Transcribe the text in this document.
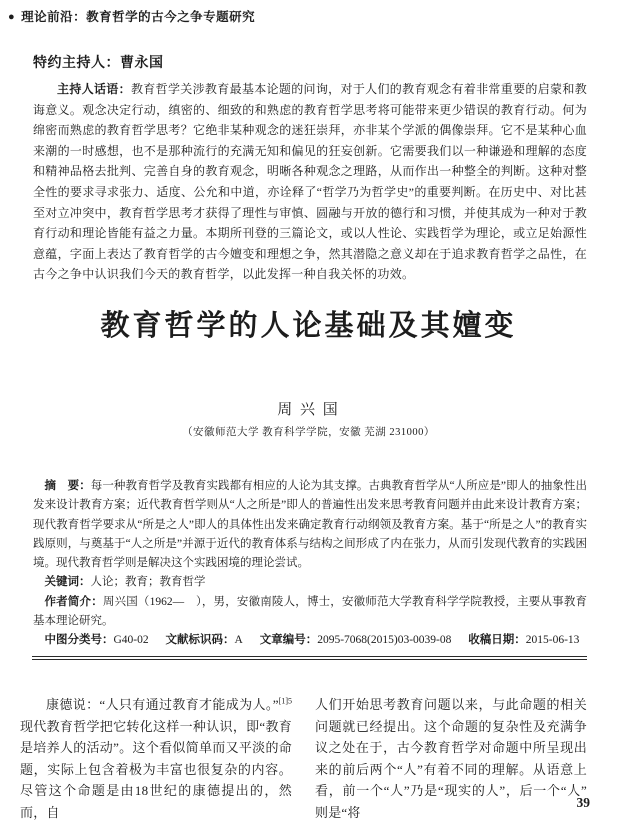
● 理论前沿：教育哲学的古今之争专题研究
特约主持人：曹永国

主持人话语：教育哲学关涉教育最基本论题的问询，对于人们的教育观念有着非常重要的启蒙和教诲意义。观念决定行动，缜密的、细致的和熟虑的教育哲学思考将可能带来更少错误的教育行动。何为绵密而熟虑的教育哲学思考？它绝非某种观念的迷狂崇拜，亦非某个学派的偶像崇拜。它不是某种心血来潮的一时感想，也不是那种流行的充满无知和偏见的狂妄创新。它需要我们以一种谦逊和理解的态度和精神品格去批判、完善自身的教育观念，明晰各种观念之理路，从而作出一种整全的判断。这种对整全性的要求寻求张力、适度、公允和中道，亦诠释了“哲学乃为哲学史”的重要判断。在历史中、对比甚至对立冲突中，教育哲学思考才获得了理性与审慎、圆融与开放的德行和习惯，并使其成为一种对于教育行动和理论皆能有益之力量。本期所刊登的三篇论文，或以人性论、实践哲学为理论，或立足始源性意蕴，字面上表达了教育哲学的古今嬗变和理想之争，然其潜隐之意义却在于追求教育哲学之品性，在古今之争中认识我们今天的教育哲学，以此发挥一种自我关怀的功效。

教育哲学的人论基础及其嬗变
周 兴 国
（安徽师范大学 教育科学学院，安徽 芜湖 231000）

摘　要：每一种教育哲学及教育实践都有相应的人论为其支撑。古典教育哲学从“人所应是”即人的抽象性出发来设计教育方案；近代教育哲学则从“人之所是”即人的普遍性出发来思考教育问题并由此来设计教育方案；现代教育哲学要求从“所是之人”即人的具体性出发来确定教育行动纲领及教育方案。基于“所是之人”的教育实践原则，与奠基于“人之所是”并源于近代的教育体系与结构之间形成了内在张力，从而引发现代教育的实践困境。现代教育哲学则是解决这个实践困境的理论尝试。

关键词：人论；教育；教育哲学

作者简介：周兴国（1962—　），男，安徽南陵人，博士，安徽师范大学教育科学学院教授，主要从事教育基本理论研究。

中图分类号：G40-02 文献标识码：A 文章编号：2095-7068(2015)03-0039-08 收稿日期：2015-06-13

康德说：“人只有通过教育才能成为人。”$^{[1]5}$现代教育哲学把它转化这样一种认识，即“教育是培养人的活动”。这个看似简单而又平淡的命题，实际上包含着极为丰富也很复杂的内容。尽管这个命题是由18世纪的康德提出的，然而，自

人们开始思考教育问题以来，与此命题的相关问题就已经提出。这个命题的复杂性及充满争议之处在于，古今教育哲学对命题中所呈现出来的前后两个“人”有着不同的理解。从语意上看，前一个“人”乃是“现实的人”，后一个“人”则是“将

39
